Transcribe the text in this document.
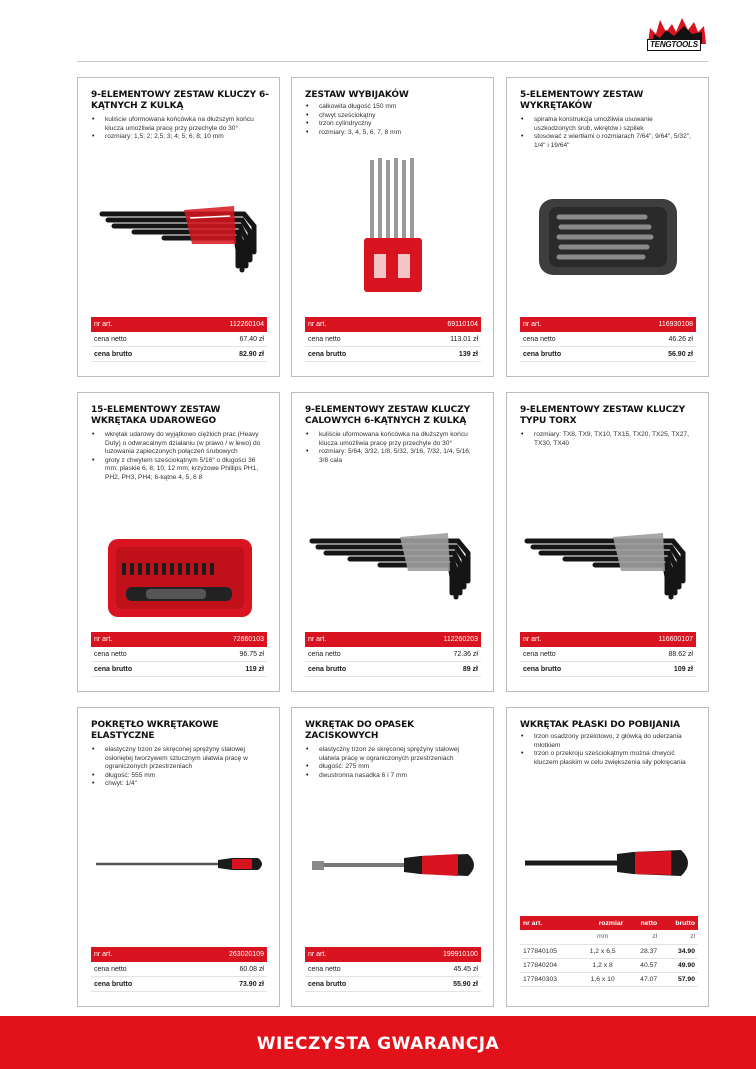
TENGTOOLS
9-ELEMENTOWY ZESTAW KLUCZY 6-KĄTNYCH Z KULKĄ
• kuliście uformowana końcówka na dłuższym końcu klucza umożliwia pracę przy przechyle do 30°
• rozmiary: 1,5; 2; 2,5; 3; 4; 5; 6; 8; 10 mm
nr art.	112260104
cena netto	67.40 zł
cena brutto	82.90 zł
ZESTAW WYBIJAKÓW
• całkowita długość 150 mm
• chwyt sześciokątny
• trzon cylindryczny
• rozmiary: 3, 4, 5, 6, 7, 8 mm
nr art.	69110104
cena netto	113.01 zł
cena brutto	139 zł
5-ELEMENTOWY ZESTAW WYKRĘTAKÓW
• spiralna konstrukcja umożliwia usuwanie uszkodzonych śrub, wkrętów i szpilek
• stosować z wiertłami o rozmiarach 7/64", 9/64", 5/32", 1/4" i 19/64"
nr art.	116930108
cena netto	46.26 zł
cena brutto	56.90 zł
15-ELEMENTOWY ZESTAW WKRĘTAKA UDAROWEGO
• wkrętak udarowy do wyjątkowo ciężkich prac (Heavy Duty) o odwracalnym działaniu (w prawo / w lewo) do luzowania zapieczonych połączeń śrubowych
• groty z chwytem sześciokątnym 5/16" o długości 36 mm: płaskie 6, 8, 10, 12 mm; krzyżowe Phillips PH1, PH2, PH3, PH4; 6-kątne 4, 5, 6 8
nr art.	72660103
cena netto	96.75 zł
cena brutto	119 zł
9-ELEMENTOWY ZESTAW KLUCZY CALOWYCH 6-KĄTNYCH Z KULKĄ
• kuliście uformowana końcówka na dłuższym końcu klucza umożliwia pracę przy przechyle do 30°
• rozmiary: 5/64, 3/32, 1/8, 5/32, 3/16, 7/32, 1/4, 5/16, 3/8 cala
nr art.	112260203
cena netto	72.36 zł
cena brutto	89 zł
9-ELEMENTOWY ZESTAW KLUCZY TYPU TORX
• rozmiary: TX8, TX9, TX10, TX15, TX20, TX25, TX27, TX30, TX40
nr art.	116600107
cena netto	88.62 zł
cena brutto	109 zł
POKRĘTŁO WKRĘTAKOWE ELASTYCZNE
• elastyczny trzon ze skręconej sprężyny stalowej osłoniętej tworzywem sztucznym ułatwia pracę w ograniczonych przestrzeniach
• długość: 555 mm
• chwyt: 1/4"
nr art.	263020109
cena netto	60.08 zł
cena brutto	73.90 zł
WKRĘTAK DO OPASEK ZACISKOWYCH
• elastyczny trzon ze skręconej sprężyny stalowej ułatwia pracę w ograniczonych przestrzeniach
• długość: 275 mm
• dwustronna nasadka 6 i 7 mm
nr art.	199910100
cena netto	45.45 zł
cena brutto	55.90 zł
WKRĘTAK PŁASKI DO POBIJANIA
• trzon osadzony przelotowo, z główką do uderzania młotkiem
• trzon o przekroju sześciokątnym można chwycić kluczem płaskim w celu zwiększenia siły pokręcania
nr art.	rozmiar	netto	brutto
	mm	zł	zł
177840105	1,2 x 6,5	28.37	34.90
177840204	1,2 x 8	40.57	49.90
177840303	1,6 x 10	47.07	57.90
WIECZYSTA GWARANCJA
